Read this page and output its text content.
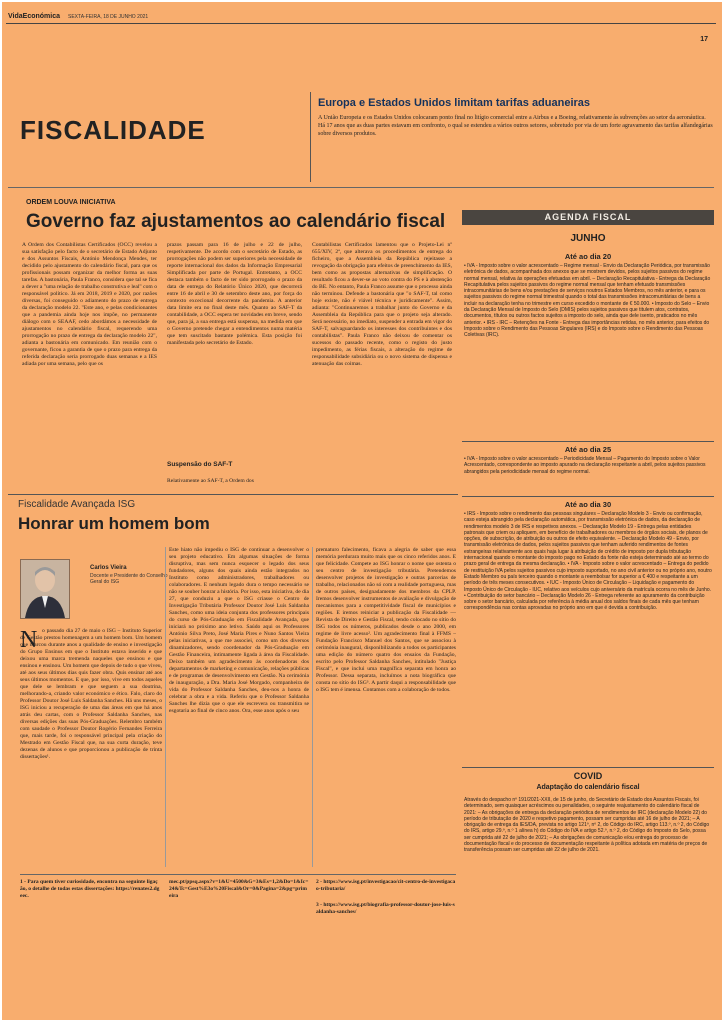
VidaEconómica SEXTA-FEIRA, 18 DE JUNHO 2021
17
FISCALIDADE
Europa e Estados Unidos limitam tarifas aduaneiras
A União Europeia e os Estados Unidos colocaram ponto final no litígio comercial entre a Airbus e a Boeing, relativamente às subvenções ao setor da aeronáutica. Há 17 anos que as duas partes estavam em confronto, o qual se estendeu a vários outros setores, sobretudo por via de um forte agravamento das tarifas alfandegárias sobre diversos produtos.
ORDEM LOUVA INICIATIVA
Governo faz ajustamentos ao calendário fiscal
A Ordem dos Contabilistas Certificados (OCC) revelou a sua satisfação pelo facto de o secretário de Estado Adjunto e dos Assuntos Fiscais, António Mendonça Mendes, ter decidido pelo ajustamento do calendário fiscal, para que os profissionais possam organizar da melhor forma as suas tarefas. A bastonária, Paula Franco, considera que tal se fica a dever a "uma relação de trabalho construtiva e leal" com o responsável político. Já em 2018, 2019 e 2020, por razões diversas, foi conseguido o adiamento do prazo de entrega da declaração modelo 22. "Este ano, e pelas condicionantes que a pandemia ainda hoje nos impõe, no permanente diálogo com o SEAAF, cedo abordámos a necessidade de ajustamentos no calendário fiscal, requerendo uma prorrogação no prazo de entrega da declaração modelo 22", adianta a bastonária em comunicado. Em reunião com o governante, ficou a garantia de que o prazo para entrega da referida declaração seria prorrogado duas semanas e a IES adiada por uma semana, pelo que os
prazos passam para 16 de julho e 22 de julho, respetivamente. De acordo com o secretário de Estado, as prorrogações não podem ser superiores pela necessidade de reporte internacional dos dados da Informação Empresarial Simplificada por parte de Portugal. Entretanto, a OCC destaca também o facto de ter sido prorrogado o prazo da data de entrega do Relatório Único 2020, que decorrerá entre 16 de abril e 30 de setembro deste ano, por força do contexto excecional decorrente da pandemia. A anterior data limite era no final deste mês. Quanto ao SAF-T da contabilidade, a OCC espera ter novidades em breve, sendo que, para já, a sua entrega está suspensa, na medida em que o Governo pretende chegar a entendimentos numa matéria que tem suscitado bastante polémica. Esta posição foi manifestada pelo secretário de Estado.
Suspensão do SAF-T
Relativamente ao SAF-T, a Ordem dos
Contabilistas Certificados lamentou que o Projeto-Lei nº 655/XIV, 2ª, que alterava os procedimentos de entrega do ficheiro, que a Assembleia da República rejeitasse a revogação da obrigação para efeitos de preenchimento da IES, bem como as propostas alternativas de simplificação. O resultado ficou a dever-se ao voto contra do PS e à abstenção do BE. No entanto, Paula Franco assume que o processo ainda não terminou. Defende a bastonária que "o SAF-T, tal como hoje existe, não é viável técnica e juridicamente". Assim, adianta: "Continuaremos a trabalhar junto do Governo e da Assembleia da República para que o projeto seja alterado. Será necessário, no imediato, suspender a entrada em vigor do SAF-T, salvaguardando os interesses dos contribuintes e dos contabilistas". Paula Franco não deixou de comentar os sucessos do passado recente, como o registo do justo impedimento, as férias fiscais, a alteração do regime de responsabilidade subsidiária ou o novo sistema de dispensa e atenuação das coimas.
AGENDA FISCAL
JUNHO
Até ao dia 20
• IVA - Imposto sobre o valor acrescentado – Regime mensal - Envio da Declaração Periódica, por transmissão eletrónica de dados, acompanhada dos anexos que se mostrem devidos, pelos sujeitos passivos do regime normal mensal, relativa às operações efetuadas em abril. – Declaração Recapitulativa - Entrega da Declaração Recapitulativa pelos sujeitos passivos do regime normal mensal que tenham efetuado transmissões intracomunitárias de bens e/ou prestações de serviços noutros Estados Membros, no mês anterior, e para os sujeitos passivos do regime normal trimestral quando o total das transmissões intracomunitárias de bens a incluir na declaração tenha no trimestre em curso excedido o montante de € 50.000. • Imposto do Selo – Envio da Declaração Mensal de Imposto do Selo (DMIS) pelos sujeitos passivos que titulem atos, contratos, documentos, títulos ou outros factos sujeitos a imposto do selo, ainda que dele isento, praticados no mês anterior. • IRS - IRC – Retenções na Fonte - Entrega das importâncias retidas, no mês anterior, para efeitos do Imposto sobre o Rendimento das Pessoas Singulares (IRS) e do Imposto sobre o Rendimento das Pessoas Coletivas (IRC).
Até ao dia 25
• IVA - Imposto sobre o valor acrescentado – Periodicidade Mensal – Pagamento do Imposto sobre o Valor Acrescentado, correspondente ao imposto apurado na declaração respeitante a abril, pelos sujeitos passivos abrangidos pela periodicidade mensal do regime normal.
Até ao dia 30
• IRS - Imposto sobre o rendimento das pessoas singulares – Declaração Modelo 3 - Envio ou confirmação, caso esteja abrangido pela declaração automática, por transmissão eletrónica de dados, da declaração de rendimentos modelo 3 de IRS e respetivos anexos. – Declaração Modelo 19 - Entrega pelas entidades patronais que criem ou apliquem, em benefício de trabalhadores ou membros de órgãos sociais, de planos de opções, de subscrição, de atribuição ou outros de efeito equivalente. – Declaração Modelo 49 - Envio, por transmissão eletrónica de dados, pelos sujeitos passivos que tenham auferido rendimentos de fontes estrangeiras relativamente aos quais haja lugar à atribuição de crédito de imposto por dupla tributação internacional quando o montante do imposto pago no Estado da fonte não esteja determinado até ao termo do prazo geral de entrega da mesma declaração. • IVA - Imposto sobre o valor acrescentado – Entrega do pedido de restituição IVA pelos sujeitos passivos cujo imposto suportado, no ano civil anterior ou no próprio ano, noutro Estado Membro ou país terceiro quando o montante a reembolsar for superior a € 400 e respeitante a um período de três meses consecutivos. • IUC - Imposto Único de Circulação – Liquidação e pagamento do Imposto Único de Circulação - IUC, relativo aos veículos cujo aniversário da matrícula ocorra no mês de Junho. • Contribuição do setor bancário – Declaração Modelo 26 - Entrega referente ao apuramento da contribuição sobre o setor bancário, calculada por referência à média anual dos saldos finais de cada mês que tenham correspondência nas contas aprovadas no próprio ano em que é devida a contribuição.
COVID
Adaptação do calendário fiscal
Através do despacho nº 191/2021-XXII, de 15 de junho, do Secretário de Estado dos Assuntos Fiscais, foi determinado, sem quaisquer acréscimos ou penalidades, o seguinte reajustamento do calendário fiscal de 2021: – As obrigações de entrega da declaração periódica de rendimentos de IRC (declaração Modelo 22) do período de tributação de 2020 e respetivo pagamento, possam ser cumpridas até 16 de julho de 2021; – A obrigação de entrega da IES/DA, prevista no artigo 121º, nº 2, do Código do IRC, artigo 113.º, n.º 2, do Código do IRS, artigo 29.º, n.º 1 alínea h) do Código do IVA e artigo 52.º, n.º 2, do Código do Imposto do Selo, possa ser cumprida até 22 de julho de 2021; – As obrigações de comunicação e/ou entrega do processo de documentação fiscal e do processo de documentação respeitante à política adotada em matéria de preços de transferência possam ser cumpridas até 22 de julho de 2021.
Fiscalidade Avançada ISG
Honrar um homem bom
Carlos Vieira
Docente e Presidente do Conselho Geral do ISG
N o passado dia 27 de maio o ISG – Instituto Superior de Gestão prestou homenagem a um homem bom. Um homem que marcou durante anos a qualidade de ensino e investigação do Grupo Ensinus em que o Instituto estava inserido e que deixou uma marca tremenda naqueles que ensinou e que ensinou e ensinou. Um homem que depois de tudo o que viveu, até aos seus últimos dias quis fazer obra. Quis ensinar até aos seus últimos momentos. E que, por isso, vive em todos aqueles que dele se lembram e que seguem a sua doutrina, melhorando-a, criando valor económico e ético. Falo, claro do Professor Doutor José Luís Saldanha Sanches. Há uns meses, o ISG iniciou a recuperação de uma das áreas em que há anos atrás deu cartas, com o Professor Saldanha Sanches, nas diversas edições das suas Pós-Graduações. Relembro também com saudade o Professor Doutor Rogério Fernandes Ferreira que, mais tarde, foi o responsável principal pela criação do Mestrado em Gestão Fiscal que, na sua curta duração, teve dezenas de alunos e que proporcionou a publicação de trinta dissertações¹.
Este hiato não impediu o ISG de continuar a desenvolver o seu projeto educativo. Em algumas situações de forma disruptiva, mas sem nunca esquecer o legado dos seus fundadores, alguns dos quais ainda estão integrados no Instituto como administradores, trabalhadores ou colaboradores. E nenhum legado dura o tempo necessário se não se souber honrar a história. Por isso, esta iniciativa, de dia 27, que conduziu a que o ISG criasse o Centro de Investigação Tributária Professor Doutor José Luís Saldanha Sanches, como uma ideia conjunta dos professores principais do curso de Pós-Graduação em Fiscalidade Avançada, que iniciará no próximo ano letivo. Saúdo aqui os Professores António Silva Preto, José Maria Pires e Nuno Santos Vieira pelas iniciativas, a que me associei, como um dos diversos dinamizadores, sendo coordenador da Pós-Graduação em Gestão Financeira, intimamente ligada à área da Fiscalidade. Deixo também um agradecimento às coordenadoras dos departamentos de marketing e comunicação, relações públicas e de programas de desenvolvimento em Gestão. Na cerimónia de inauguração, a Dra. Maria José Morgado, companheira de vida do Professor Saldanha Sanches, deu-nos a honra de celebrar a obra e a vida. Referiu que o Professor Saldanha Sanches lhe dizia que o que ele escrevera ou transmitira se esgotaria ao final de cinco anos. Ora, esse anos após o seu
prematuro falecimento, ficava a alegria de saber que essa memória perdurara muito mais que os cinco referidos anos. E que felicidade. Compete ao ISG honrar o nome que ostenta o seu centro de investigação tributária. Pretendemos desenvolver projetos de investigação e outras parcerias de trabalho, relacionados não só com a realidade portuguesa, mas de outros países, designadamente dos membros da CPLP. Iremos desenvolver instrumentos de avaliação e divulgação de mecanismos para a competitividade fiscal de municípios e regiões. E iremos reiniciar a publicação da Fiscalidade — Revista de Direito e Gestão Fiscal, tendo colocado no sítio do ISG todos os números, publicados desde o ano 2000, em regime de livre acesso². Um agradecimento final à FFMS – Fundação Francisco Manuel dos Santos, que se associou à cerimónia inaugural, disponibilizando a todos os participantes uma edição do número quatro dos ensaios da Fundação, escrito pelo Professor Saldanha Sanches, intitulado "Justiça Fiscal", e que inclui uma magnífica separata em honra ao Professor. Dessa separata, incluímos a nota biográfica que consta no sítio do ISG³. A partir daqui a responsabilidade que o ISG tem é imensa. Contamos com a colaboração de todos.
1 - Para quem tiver curiosidade, encontra na seguinte ligação, o detalhe de todas estas dissertações: https://renates2.dgeec.
mec.pt/ppsq.aspx?v=1&U=4500&G=3&Es=1,2&Do=1&Ic=24&Tc=Gest%E3o%20Fiscal&Or=0&Pagina=2&pg=primeira
2 - https://www.isg.pt/investigacao/cit-centro-de-investigacao-tributaria/
3 - https://www.isg.pt/biografia-professor-doutor-jose-luis-saldanha-sanches/
